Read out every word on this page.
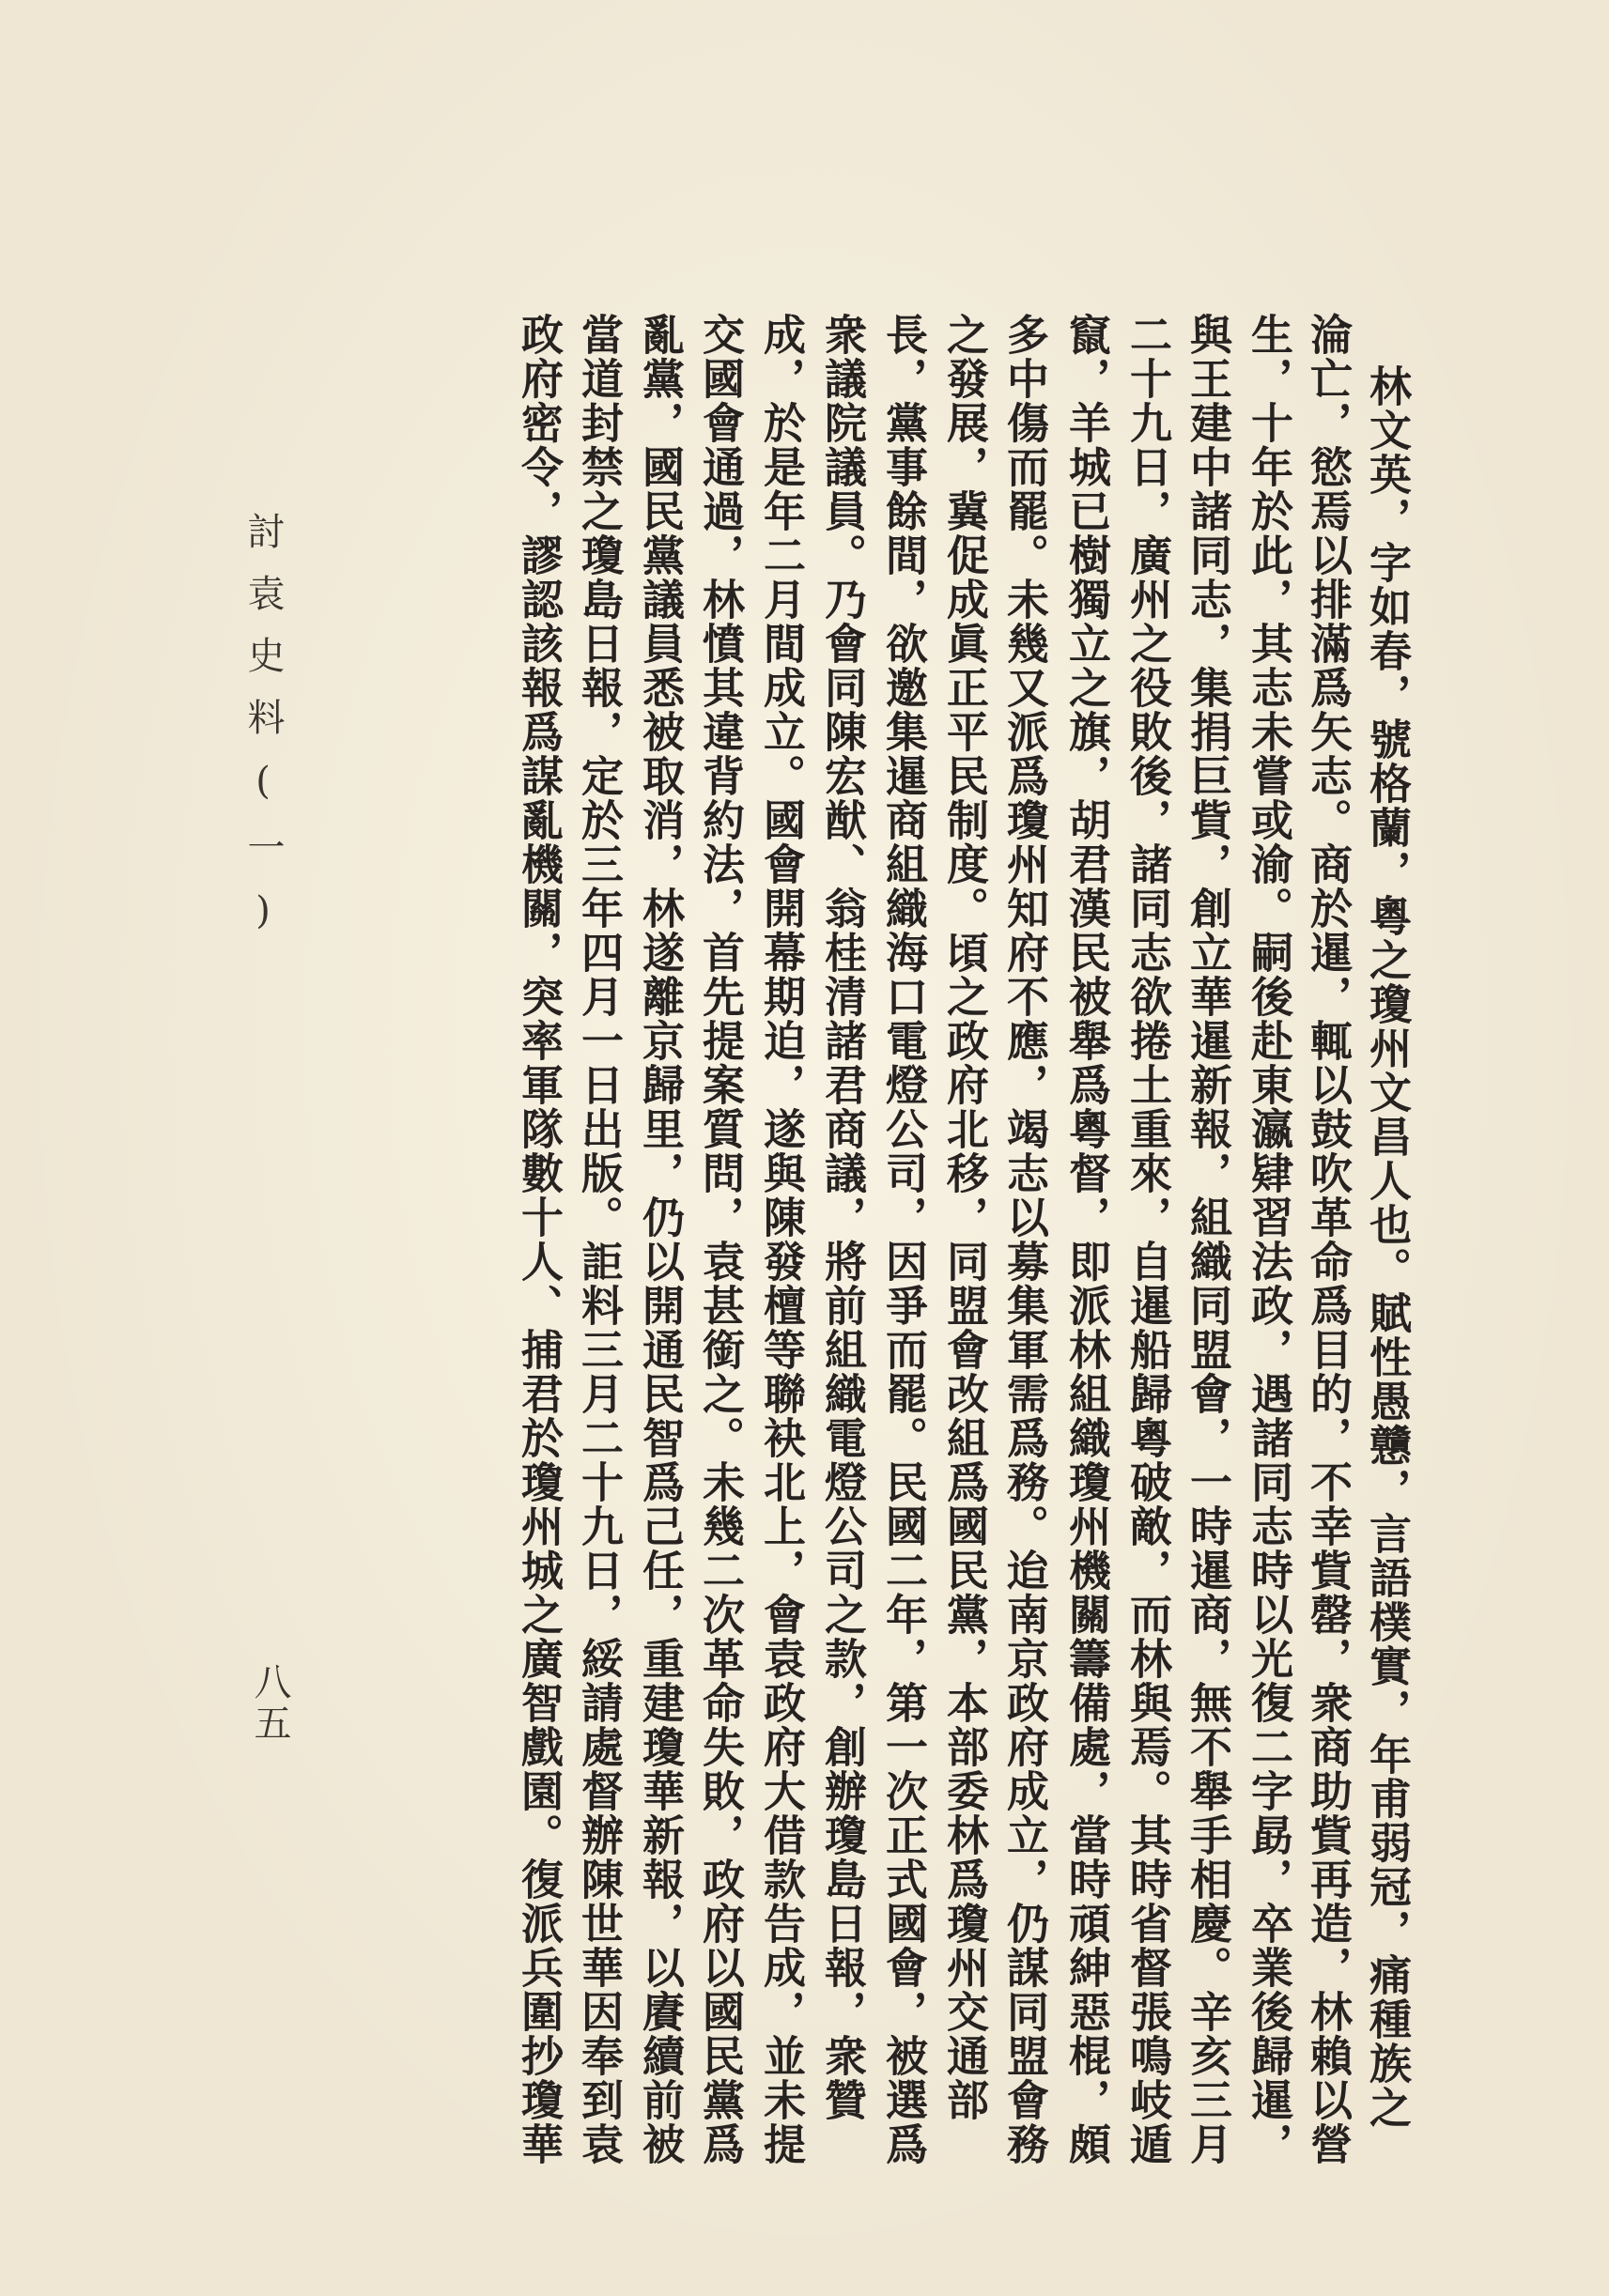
林文英，字如春，號格蘭，粵之瓊州文昌人也。賦性愚戇，言語樸實，年甫弱冠，痛種族之
淪亡，慾焉以排滿爲矢志。商於暹，輒以鼓吹革命爲目的，不幸貲罄，衆商助貲再造，林賴以營
生，十年於此，其志未嘗或渝。嗣後赴東瀛肄習法政，遇諸同志時以光復二字勗，卒業後歸暹，
與王建中諸同志，集捐巨貲，創立華暹新報，組織同盟會，一時暹商，無不舉手相慶。辛亥三月
二十九日，廣州之役敗後，諸同志欲捲土重來，自暹船歸粵破敵，而林與焉。其時省督張鳴岐遁
竄，羊城已樹獨立之旗，胡君漢民被舉爲粵督，即派林組織瓊州機關籌備處，當時頑紳惡棍，頗
多中傷而罷。未幾又派爲瓊州知府不應，竭志以募集軍需爲務。迨南京政府成立，仍謀同盟會務
之發展，冀促成眞正平民制度。頃之政府北移，同盟會改組爲國民黨，本部委林爲瓊州交通部
長，黨事餘間，欲邀集暹商組織海口電燈公司，因爭而罷。民國二年，第一次正式國會，被選爲
衆議院議員。乃會同陳宏猷、翁桂清諸君商議，將前組織電燈公司之款，創辦瓊島日報，衆贊
成，於是年二月間成立。國會開幕期迫，遂與陳發檀等聯袂北上，會袁政府大借款告成，並未提
交國會通過，林憤其違背約法，首先提案質問，袁甚銜之。未幾二次革命失敗，政府以國民黨爲
亂黨，國民黨議員悉被取消，林遂離京歸里，仍以開通民智爲己任，重建瓊華新報，以賡續前被
當道封禁之瓊島日報，定於三年四月一日出版。詎料三月二十九日，綏請處督辦陳世華因奉到袁
政府密令，謬認該報爲謀亂機關，突率軍隊數十人、捕君於瓊州城之廣智戲園。復派兵圍抄瓊華
討袁史料(一)
八五
